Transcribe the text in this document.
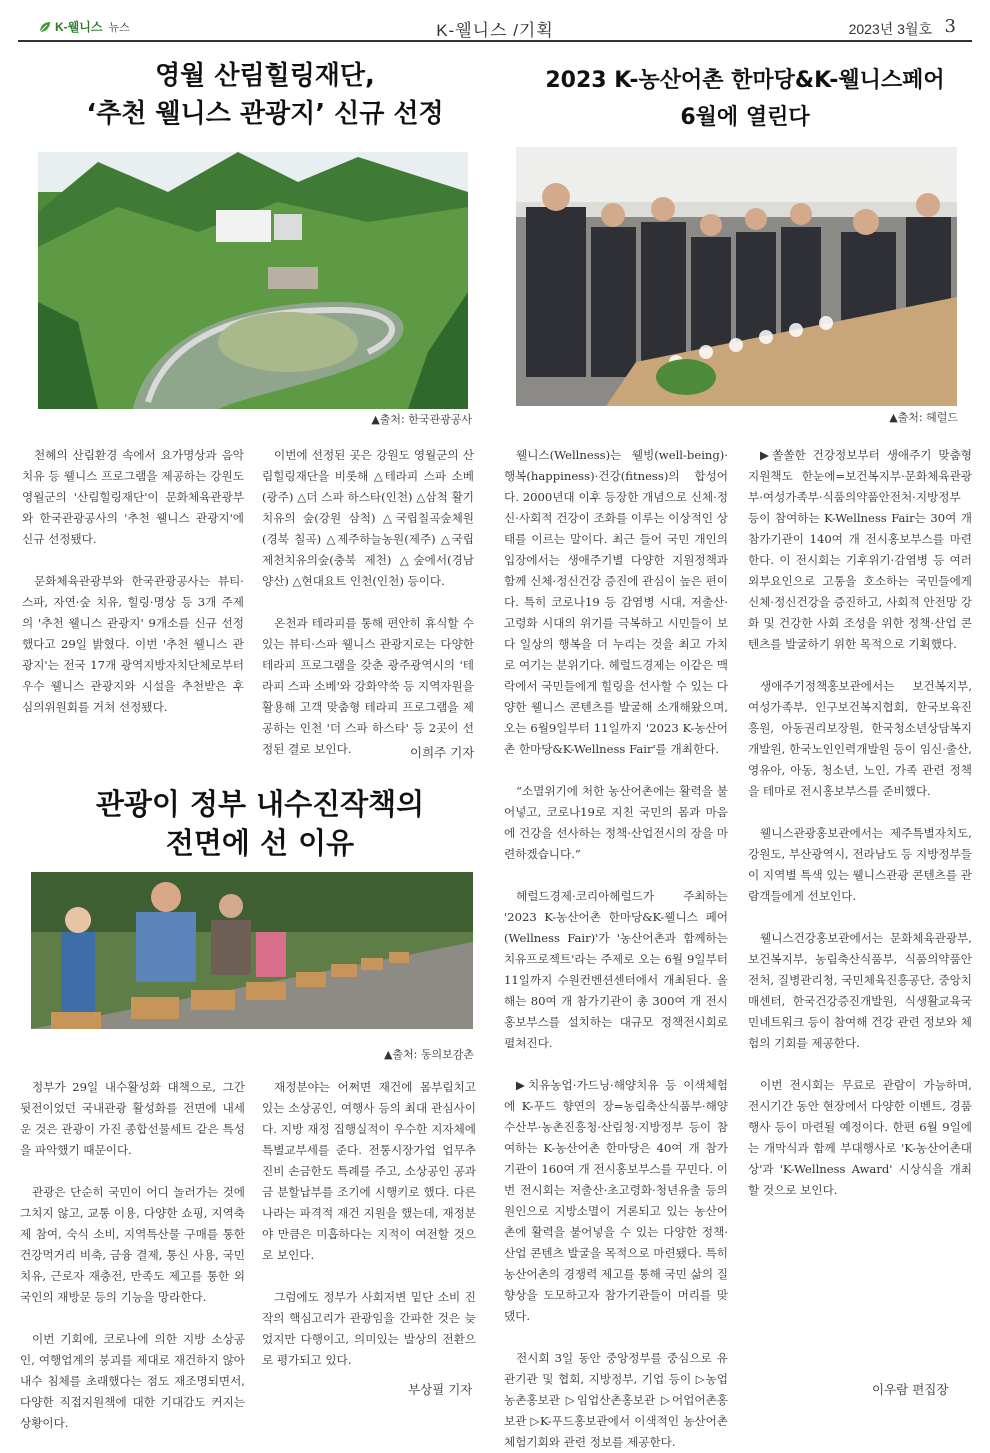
K-웰니스 뉴스	K-웰니스 /기획	2023년 3월호 3
영월 산림힐링재단,
‘추천 웰니스 관광지’ 신규 선정
▲출처: 한국관광공사

천혜의 산림환경 속에서 요가명상과 음악치유 등 웰니스 프로그램을 제공하는 강원도 영월군의 '산림힐링재단'이 문화체육관광부와 한국관광공사의 '추천 웰니스 관광지'에 신규 선정됐다.

문화체육관광부와 한국관광공사는 뷰티·스파, 자연·숲 치유, 힐링·명상 등 3개 주제의 '추천 웰니스 관광지' 9개소를 신규 선정했다고 29일 밝혔다. 이번 '추천 웰니스 관광지'는 전국 17개 광역지방자치단체로부터 우수 웰니스 관광지와 시설을 추천받은 후 심의위원회를 거쳐 선정됐다.

이번에 선정된 곳은 강원도 영월군의 산림힐링재단을 비롯해 △테라피 스파 소베(광주) △더 스파 하스타(인천) △삼척 활기 치유의 숲(강원 삼척) △국립칠곡숲체원(경북 칠곡) △제주하늘농원(제주) △국립제천치유의숲(충북 제천) △숲에서(경남 양산) △현대요트 인천(인천) 등이다.

온천과 테라피를 통해 편안히 휴식할 수 있는 뷰티·스파 웰니스 관광지로는 다양한 테라피 프로그램을 갖춘 광주광역시의 '테라피 스파 소베'와 강화약쑥 등 지역자원을 활용해 고객 맞춤형 테라피 프로그램을 제공하는 인천 '더 스파 하스타' 등 2곳이 선정된 결로 보인다.	이희주 기자
관광이 정부 내수진작책의
전면에 선 이유
▲출처: 동의보감촌

정부가 29일 내수활성화 대책으로, 그간 뒷전이었던 국내관광 활성화를 전면에 내세운 것은 관광이 가진 종합선물세트 같은 특성을 파악했기 때문이다.

관광은 단순히 국민이 어디 놀러가는 것에 그치지 않고, 교통 이용, 다양한 쇼핑, 지역축제 참여, 숙식 소비, 지역특산물 구매를 통한 건강먹거리 비축, 금융 결제, 통신 사용, 국민 치유, 근로자 재충전, 만족도 제고를 통한 외국인의 재방문 등의 기능을 망라한다.

이번 기회에, 코로나에 의한 지방 소상공인, 여행업계의 붕괴를 제대로 재건하지 않아 내수 침체를 초래했다는 점도 재조명되면서, 다양한 직접지원책에 대한 기대감도 커지는 상황이다.

재정분야는 어쩌면 재건에 몸부림치고 있는 소상공인, 여행사 등의 최대 관심사이다. 지방 재정 집행실적이 우수한 지자체에 특별교부세를 준다. 전통시장가업 업무추진비 손금한도 특례를 주고, 소상공인 공과금 분할납부를 조기에 시행키로 했다. 다른 나라는 파격적 재건 지원을 했는데, 재정분야 만큼은 미흡하다는 지적이 여전할 것으로 보인다.

그럼에도 정부가 사회저변 밑단 소비 진작의 핵심고리가 관광임을 간파한 것은 늦었지만 다행이고, 의미있는 발상의 전환으로 평가되고 있다.

부상필 기자
2023 K-농산어촌 한마당&K-웰니스페어
6월에 열린다
▲출처: 헤럴드

웰니스(Wellness)는 웰빙(well-being)·행복(happiness)·건강(fitness)의 합성어다. 2000년대 이후 등장한 개념으로 신체·정신·사회적 건강이 조화를 이루는 이상적인 상태를 이르는 말이다. 최근 들어 국민 개인의 입장에서는 생애주기별 다양한 지원정책과 함께 신체·정신건강 증진에 관심이 높은 편이다. 특히 코로나19 등 감염병 시대, 저출산·고령화 시대의 위기를 극복하고 시민들이 보다 일상의 행복을 더 누리는 것을 최고 가치로 여기는 분위기다. 헤럴드경제는 이같은 맥락에서 국민들에게 힐링을 선사할 수 있는 다양한 웰니스 콘텐츠를 발굴해 소개해왔으며, 오는 6월9일부터 11일까지 '2023 K-농산어촌 한마당&K-Wellness Fair'를 개최한다.

“소멸위기에 처한 농산어촌에는 활력을 불어넣고, 코로나19로 지친 국민의 몸과 마음에 건강을 선사하는 정책·산업전시의 장을 마련하겠습니다.”

헤럴드경제·코리아헤럴드가 주최하는 '2023 K-농산어촌 한마당&K-웰니스 페어(Wellness Fair)'가 '농산어촌과 함께하는 치유프로젝트'라는 주제로 오는 6월 9일부터 11일까지 수원컨벤션센터에서 개최된다. 올해는 80여 개 참가기관이 총 300여 개 전시홍보부스를 설치하는 대규모 정책전시회로 펼쳐진다.

▶치유농업·가드닝·해양치유 등 이색체험에 K-푸드 향연의 장=농림축산식품부·해양수산부·농촌진흥청·산림청·지방정부 등이 참여하는 K-농산어촌 한마당은 40여 개 참가기관이 160여 개 전시홍보부스를 꾸민다. 이번 전시회는 저출산·초고령화·청년유출 등의 원인으로 지방소멸이 거론되고 있는 농산어촌에 활력을 불어넣을 수 있는 다양한 정책·산업 콘텐츠 발굴을 목적으로 마련됐다. 특히 농산어촌의 경쟁력 제고를 통해 국민 삶의 질 향상을 도모하고자 참가기관들이 머리를 맞댔다.

전시회 3일 동안 중앙정부를 중심으로 유관기관 및 협회, 지방정부, 기업 등이 ▷농업농촌홍보관 ▷임업산촌홍보관 ▷어업어촌홍보관 ▷K-푸드홍보관에서 이색적인 농산어촌 체험기회와 관련 정보를 제공한다.

▶쏠쏠한 건강정보부터 생애주기 맞춤형 지원책도 한눈에=보건복지부·문화체육관광부·여성가족부·식품의약품안전처·지방정부 등이 참여하는 K-Wellness Fair는 30여 개 참가기관이 140여 개 전시홍보부스를 마련한다. 이 전시회는 기후위기·감염병 등 여러 외부요인으로 고통을 호소하는 국민들에게 신체·정신건강을 증진하고, 사회적 안전망 강화 및 건강한 사회 조성을 위한 정책·산업 콘텐츠를 발굴하기 위한 목적으로 기획했다.

생애주기정책홍보관에서는 보건복지부, 여성가족부, 인구보건복지협회, 한국보육진흥원, 아동권리보장원, 한국청소년상담복지개발원, 한국노인인력개발원 등이 임신·출산, 영유아, 아동, 청소년, 노인, 가족 관련 정책을 테마로 전시홍보부스를 준비했다.

웰니스관광홍보관에서는 제주특별자치도, 강원도, 부산광역시, 전라남도 등 지방정부들이 지역별 특색 있는 웰니스관광 콘텐츠를 관람객들에게 선보인다.

웰니스건강홍보관에서는 문화체육관광부, 보건복지부, 농림축산식품부, 식품의약품안전처, 질병관리청, 국민체육진흥공단, 중앙치매센터, 한국건강증진개발원, 식생활교육국민네트워크 등이 참여해 건강 관련 정보와 체험의 기회를 제공한다.

이번 전시회는 무료로 관람이 가능하며, 전시기간 동안 현장에서 다양한 이벤트, 경품행사 등이 마련될 예정이다. 한편 6월 9일에는 개막식과 함께 부대행사로 'K-농산어촌대상'과 'K-Wellness Award' 시상식을 개최할 것으로 보인다.

이우람 편집장
